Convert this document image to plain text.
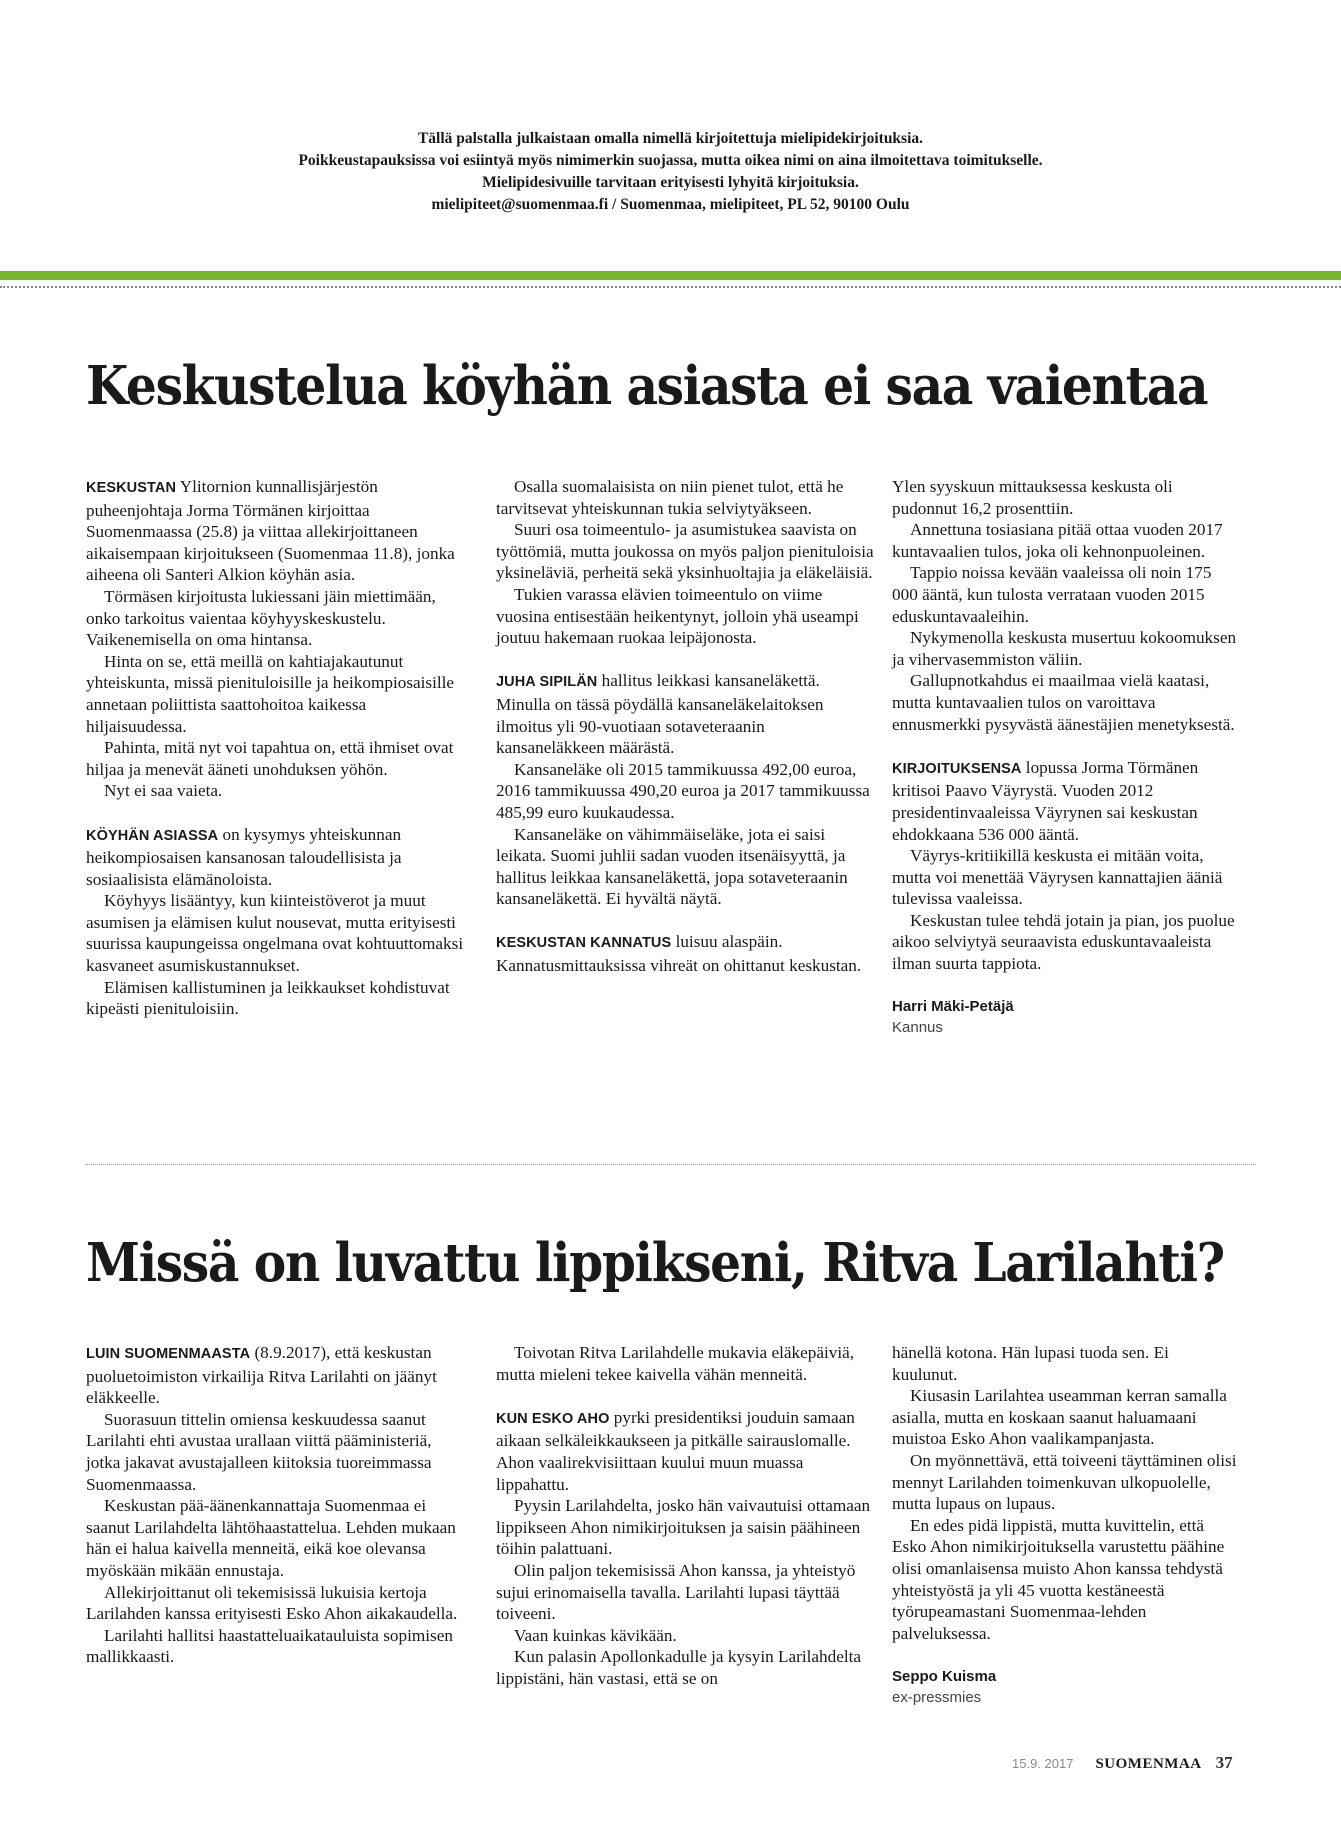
Tällä palstalla julkaistaan omalla nimellä kirjoitettuja mielipidekirjoituksia.
Poikkeustapauksissa voi esiintyä myös nimimerkin suojassa, mutta oikea nimi on aina ilmoitettava toimitukselle.
Mielipidesivuille tarvitaan erityisesti lyhyitä kirjoituksia.
mielipiteet@suomenmaa.fi / Suomenmaa, mielipiteet, PL 52, 90100 Oulu
Keskustelua köyhän asiasta ei saa vaientaa

KESKUSTAN Ylitornion kunnallisjärjestön puheenjohtaja Jorma Törmänen kirjoittaa Suomenmaassa (25.8) ja viittaa allekirjoittaneen aikaisempaan kirjoitukseen (Suomenmaa 11.8), jonka aiheena oli Santeri Alkion köyhän asia.

Törmäsen kirjoitusta lukiessani jäin miettimään, onko tarkoitus vaientaa köyhyyskeskustelu. Vaikenemisella on oma hintansa.

Hinta on se, että meillä on kahtiajakautunut yhteiskunta, missä pienituloisille ja heikompiosaisille annetaan poliittista saattohoitoa kaikessa hiljaisuudessa.

Pahinta, mitä nyt voi tapahtua on, että ihmiset ovat hiljaa ja menevät ääneti unohduksen yöhön.

Nyt ei saa vaieta.

KÖYHÄN ASIASSA on kysymys yhteiskunnan heikompiosaisen kansanosan taloudellisista ja sosiaalisista elämänoloista.

Köyhyys lisääntyy, kun kiinteistöverot ja muut asumisen ja elämisen kulut nousevat, mutta erityisesti suurissa kaupungeissa ongelmana ovat kohtuuttomaksi kasvaneet asumiskustannukset.

Elämisen kallistuminen ja leikkaukset kohdistuvat kipeästi pienituloisiin.

Osalla suomalaisista on niin pienet tulot, että he tarvitsevat yhteiskunnan tukia selviytyäkseen.

Suuri osa toimeentulo- ja asumistukea saavista on työttömiä, mutta joukossa on myös paljon pienituloisia yksineläviä, perheitä sekä yksinhuoltajia ja eläkeläisiä.

Tukien varassa elävien toimeentulo on viime vuosina entisestään heikentynyt, jolloin yhä useampi joutuu hakemaan ruokaa leipäjonosta.

JUHA SIPILÄN hallitus leikkasi kansaneläkettä. Minulla on tässä pöydällä kansaneläkelaitoksen ilmoitus yli 90-vuotiaan sotaveteraanin kansaneläkkeen määrästä.

Kansaneläke oli 2015 tammikuussa 492,00 euroa, 2016 tammikuussa 490,20 euroa ja 2017 tammikuussa 485,99 euro kuukaudessa.

Kansaneläke on vähimmäiseläke, jota ei saisi leikata. Suomi juhlii sadan vuoden itsenäisyyttä, ja hallitus leikkaa kansaneläkettä, jopa sotaveteraanin kansaneläkettä. Ei hyvältä näytä.

KESKUSTAN KANNATUS luisuu alaspäin. Kannatusmittauksissa vihreät on ohittanut keskustan.

Ylen syyskuun mittauksessa keskusta oli pudonnut 16,2 prosenttiin.

Annettuna tosiasiana pitää ottaa vuoden 2017 kuntavaalien tulos, joka oli kehnonpuoleinen.

Tappio noissa kevään vaaleissa oli noin 175 000 ääntä, kun tulosta verrataan vuoden 2015 eduskuntavaaleihin.

Nykymenolla keskusta musertuu kokoomuksen ja vihervasemmiston väliin.

Gallupnotkahdus ei maailmaa vielä kaatasi, mutta kuntavaalien tulos on varoittava ennusmerkki pysyvästä äänestäjien menetyksestä.

KIRJOITUKSENSA lopussa Jorma Törmänen kritisoi Paavo Väyrystä. Vuoden 2012 presidentinvaaleissa Väyrynen sai keskustan ehdokkaana 536 000 ääntä.

Väyrys-kritiikillä keskusta ei mitään voita, mutta voi menettää Väyrysen kannattajien ääniä tulevissa vaaleissa.

Keskustan tulee tehdä jotain ja pian, jos puolue aikoo selviytyä seuraavista eduskuntavaaleista ilman suurta tappiota.

Harri Mäki-Petäjä
Kannus
Missä on luvattu lippikseni, Ritva Larilahti?

LUIN SUOMENMAASTA (8.9.2017), että keskustan puoluetoimiston virkailija Ritva Larilahti on jäänyt eläkkeelle.

Suorasuun tittelin omiensa keskuudessa saanut Larilahti ehti avustaa urallaan viittä pääministeriä, jotka jakavat avustajalleen kiitoksia tuoreimmassa Suomenmaassa.

Keskustan pää-äänenkannattaja Suomenmaa ei saanut Larilahdelta lähtöhaastattelua. Lehden mukaan hän ei halua kaivella menneitä, eikä koe olevansa myöskään mikään ennustaja.

Allekirjoittanut oli tekemisissä lukuisia kertoja Larilahden kanssa erityisesti Esko Ahon aikakaudella.

Larilahti hallitsi haastatteluaikatauluista sopimisen mallikkaasti.

Toivotan Ritva Larilahdelle mukavia eläkepäiviä, mutta mieleni tekee kaivella vähän menneitä.

KUN ESKO AHO pyrki presidentiksi jouduin samaan aikaan selkäleikkaukseen ja pitkälle sairauslomalle. Ahon vaalirekvisiittaan kuului muun muassa lippahattu.

Pyysin Larilahdelta, josko hän vaivautuisi ottamaan lippikseen Ahon nimikirjoituksen ja saisin päähineen töihin palattuani.

Olin paljon tekemisissä Ahon kanssa, ja yhteistyö sujui erinomaisella tavalla. Larilahti lupasi täyttää toiveeni.

Vaan kuinkas kävikään.

Kun palasin Apollonkadulle ja kysyin Larilahdelta lippistäni, hän vastasi, että se on

hänellä kotona. Hän lupasi tuoda sen. Ei kuulunut.

Kiusasin Larilahtea useamman kerran samalla asialla, mutta en koskaan saanut haluamaani muistoa Esko Ahon vaalikampanjasta.

On myönnettävä, että toiveeni täyttäminen olisi mennyt Larilahden toimenkuvan ulkopuolelle, mutta lupaus on lupaus.

En edes pidä lippistä, mutta kuvittelin, että Esko Ahon nimikirjoituksella varustettu päähine olisi omanlaisensa muisto Ahon kanssa tehdystä yhteistyöstä ja yli 45 vuotta kestäneestä työrupeamastani Suomenmaa-lehden palveluksessa.

Seppo Kuisma
ex-pressmies
15.9. 2017 SUOMENMAA 37
